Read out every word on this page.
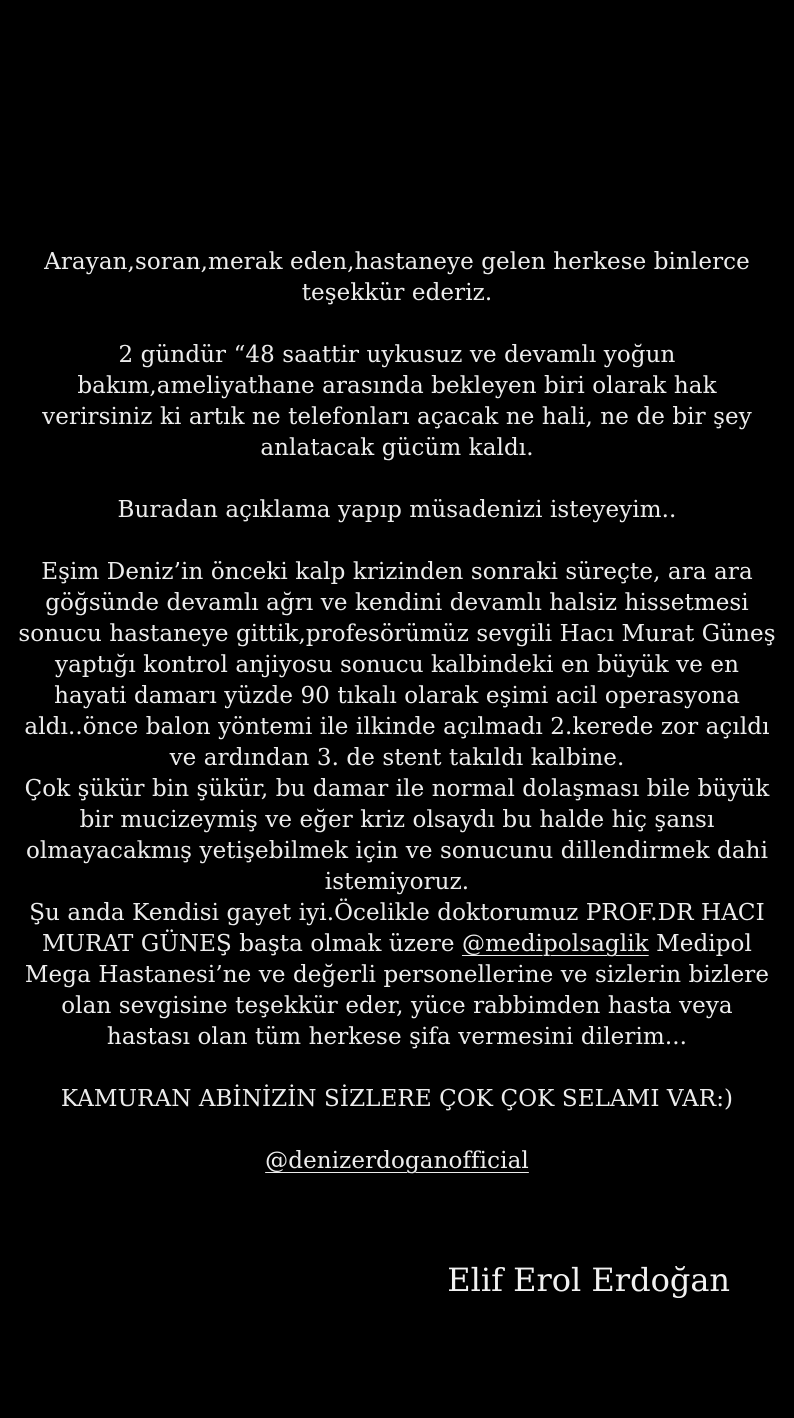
Arayan,soran,merak eden,hastaneye gelen herkese binlerce
teşekkür ederiz.
2 gündür “48 saattir uykusuz ve devamlı yoğun
bakım,ameliyathane arasında bekleyen biri olarak hak
verirsiniz ki artık ne telefonları açacak ne hali, ne de bir şey
anlatacak gücüm kaldı.
Buradan açıklama yapıp müsadenizi isteyeyim..
Eşim Deniz’in önceki kalp krizinden sonraki süreçte, ara ara
göğsünde devamlı ağrı ve kendini devamlı halsiz hissetmesi
sonucu hastaneye gittik,profesörümüz sevgili Hacı Murat Güneş
yaptığı kontrol anjiyosu sonucu kalbindeki en büyük ve en
hayati damarı yüzde 90 tıkalı olarak eşimi acil operasyona
aldı..önce balon yöntemi ile ilkinde açılmadı 2.kerede zor açıldı
ve ardından 3. de stent takıldı kalbine.
Çok şükür bin şükür, bu damar ile normal dolaşması bile büyük
bir mucizeymiş ve eğer kriz olsaydı bu halde hiç şansı
olmayacakmış yetişebilmek için ve sonucunu dillendirmek dahi
istemiyoruz.
Şu anda Kendisi gayet iyi.Öcelikle doktorumuz PROF.DR HACI
MURAT GÜNEŞ başta olmak üzere @medipolsaglik Medipol
Mega Hastanesi’ne ve değerli personellerine ve sizlerin bizlere
olan sevgisine teşekkür eder, yüce rabbimden hasta veya
hastası olan tüm herkese şifa vermesini dilerim...
KAMURAN ABİNİZİN SİZLERE ÇOK ÇOK SELAMI VAR:)
@denizerdoganofficial
Elif Erol Erdoğan
